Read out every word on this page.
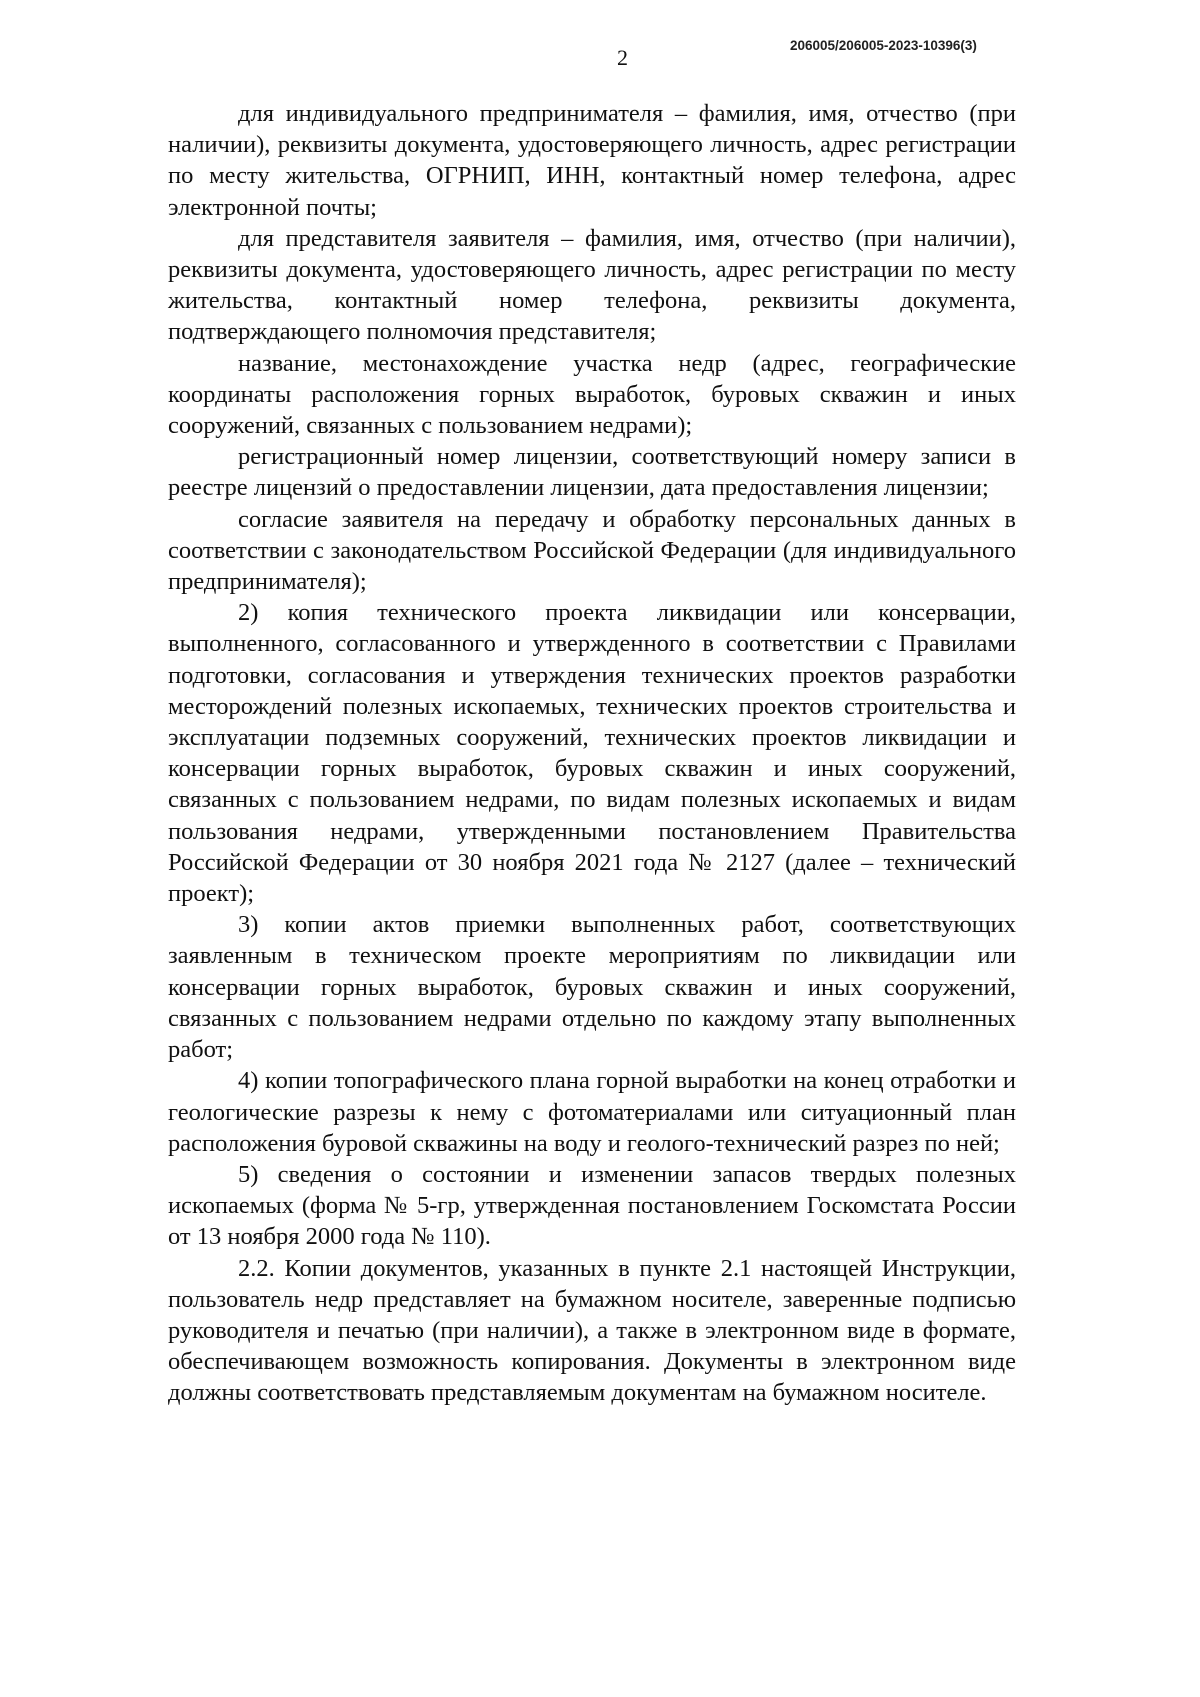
206005/206005-2023-10396(3)
2

для индивидуального предпринимателя – фамилия, имя, отчество (при наличии), реквизиты документа, удостоверяющего личность, адрес регистрации по месту жительства, ОГРНИП, ИНН, контактный номер телефона, адрес электронной почты;

для представителя заявителя – фамилия, имя, отчество (при наличии), реквизиты документа, удостоверяющего личность, адрес регистрации по месту жительства, контактный номер телефона, реквизиты документа, подтверждающего полномочия представителя;

название, местонахождение участка недр (адрес, географические координаты расположения горных выработок, буровых скважин и иных сооружений, связанных с пользованием недрами);

регистрационный номер лицензии, соответствующий номеру записи в реестре лицензий о предоставлении лицензии, дата предоставления лицензии;

согласие заявителя на передачу и обработку персональных данных в соответствии с законодательством Российской Федерации (для индивидуального предпринимателя);

2) копия технического проекта ликвидации или консервации, выполненного, согласованного и утвержденного в соответствии с Правилами подготовки, согласования и утверждения технических проектов разработки месторождений полезных ископаемых, технических проектов строительства и эксплуатации подземных сооружений, технических проектов ликвидации и консервации горных выработок, буровых скважин и иных сооружений, связанных с пользованием недрами, по видам полезных ископаемых и видам пользования недрами, утвержденными постановлением Правительства Российской Федерации от 30 ноября 2021 года № 2127 (далее – технический проект);

3) копии актов приемки выполненных работ, соответствующих заявленным в техническом проекте мероприятиям по ликвидации или консервации горных выработок, буровых скважин и иных сооружений, связанных с пользованием недрами отдельно по каждому этапу выполненных работ;

4) копии топографического плана горной выработки на конец отработки и геологические разрезы к нему с фотоматериалами или ситуационный план расположения буровой скважины на воду и геолого-технический разрез по ней;

5) сведения о состоянии и изменении запасов твердых полезных ископаемых (форма № 5-гр, утвержденная постановлением Госкомстата России от 13 ноября 2000 года № 110).

2.2. Копии документов, указанных в пункте 2.1 настоящей Инструкции, пользователь недр представляет на бумажном носителе, заверенные подписью руководителя и печатью (при наличии), а также в электронном виде в формате, обеспечивающем возможность копирования. Документы в электронном виде должны соответствовать представляемым документам на бумажном носителе.
